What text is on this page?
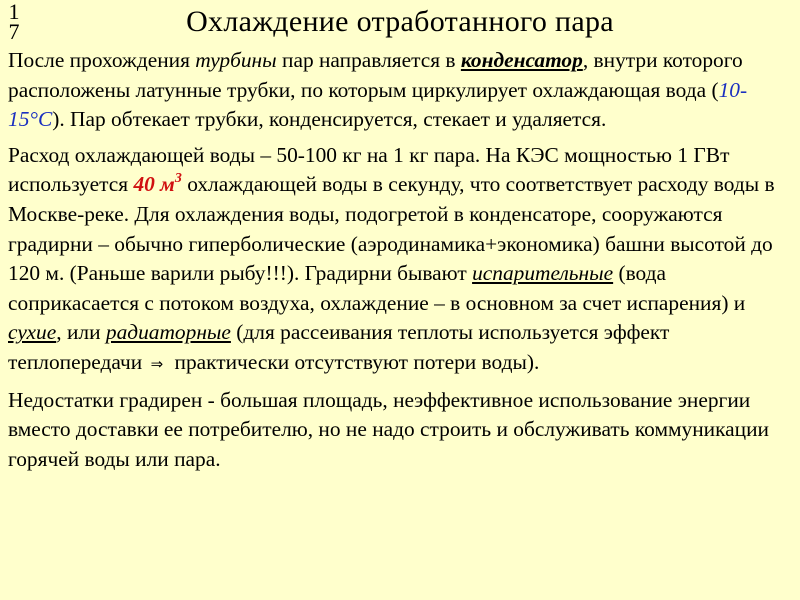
17	Охлаждение отработанного пара

После прохождения турбины пар направляется в конденсатор, внутри которого расположены латунные трубки, по которым циркулирует охлаждающая вода (10-15°С). Пар обтекает трубки, конденсируется, стекает и удаляется.

Расход охлаждающей воды – 50-100 кг на 1 кг пара. На КЭС мощностью 1 ГВт используется 40 $м^3$ охлаждающей воды в секунду, что соответствует расходу воды в Москве-реке. Для охлаждения воды, подогретой в конденсаторе, сооружаются градирни – обычно гиперболические (аэродинамика+экономика) башни высотой до 120 м. (Раньше варили рыбу!!!). Градирни бывают испарительные (вода соприкасается с потоком воздуха, охлаждение – в основном за счет испарения) и сухие, или радиаторные (для рассеивания теплоты используется эффект теплопередачи ⇒ практически отсутствуют потери воды).

Недостатки градирен - большая площадь, неэффективное использование энергии вместо доставки ее потребителю, но не надо строить и обслуживать коммуникации горячей воды или пара.
